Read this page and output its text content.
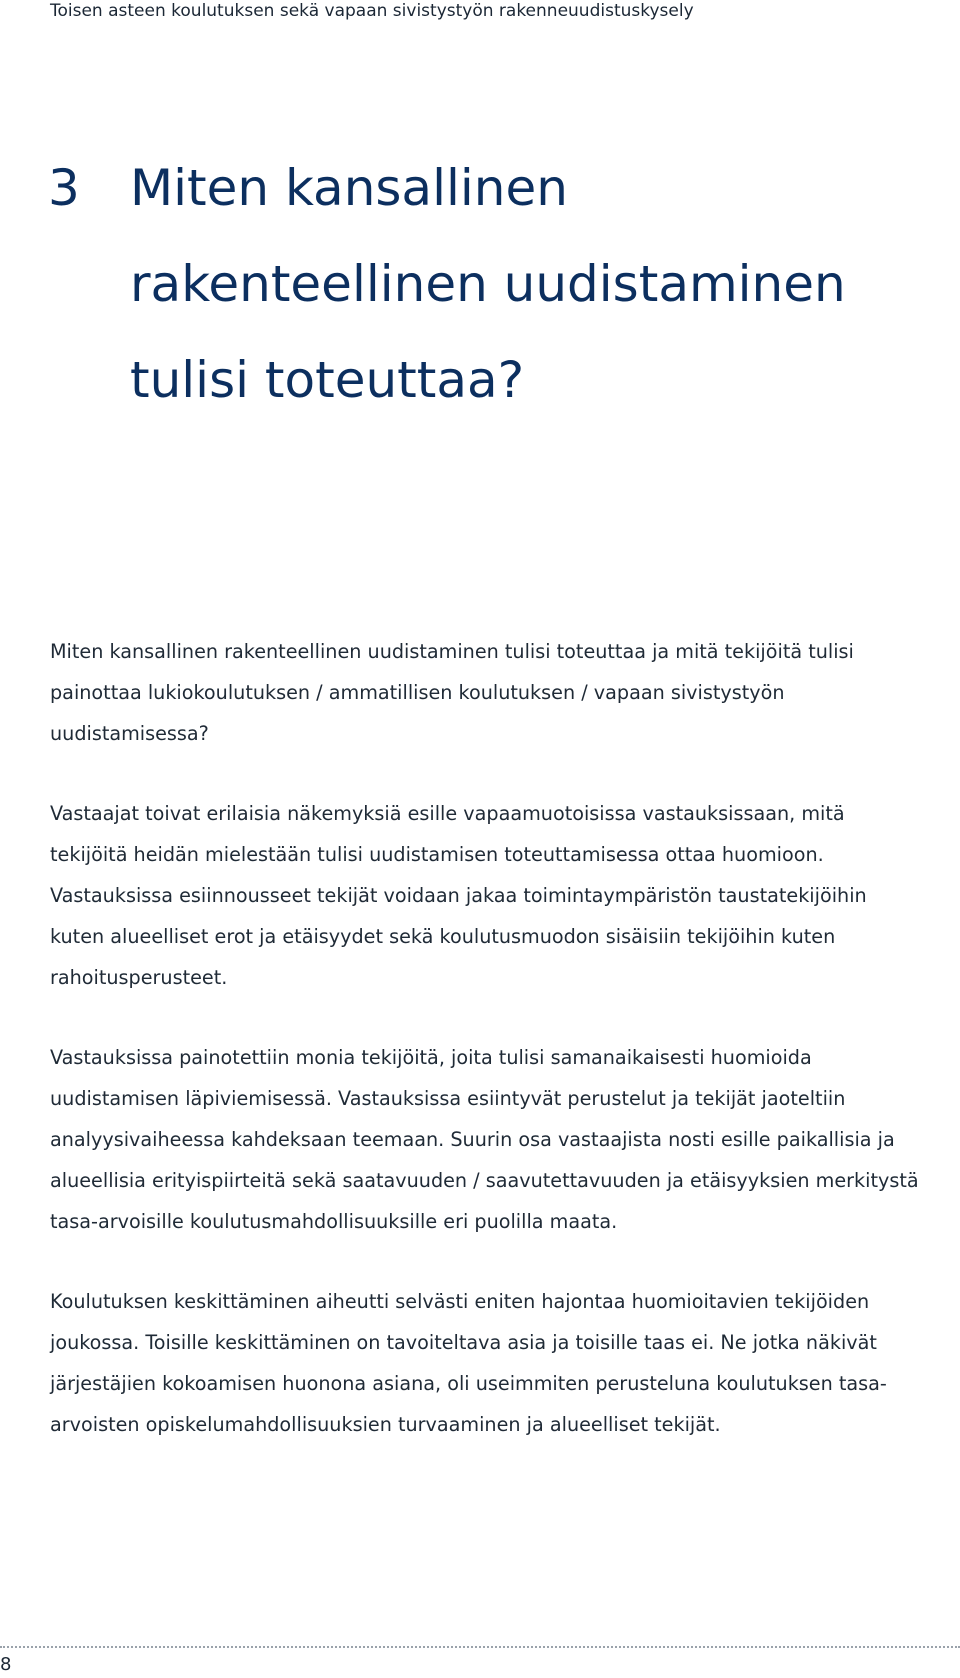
Toisen asteen koulutuksen sekä vapaan sivistystyön rakenneuudistuskysely
3 Miten kansallinen rakenteellinen uudistaminen tulisi toteuttaa?

Miten kansallinen rakenteellinen uudistaminen tulisi toteuttaa ja mitä tekijöitä tulisi painottaa lukiokoulutuksen / ammatillisen koulutuksen / vapaan sivistystyön uudistamisessa?

Vastaajat toivat erilaisia näkemyksiä esille vapaamuotoisissa vastauksissaan, mitä tekijöitä heidän mielestään tulisi uudistamisen toteuttamisessa ottaa huomioon. Vastauksissa esiinnousseet tekijät voidaan jakaa toimintaympäristön taustatekijöihin kuten alueelliset erot ja etäisyydet sekä koulutusmuodon sisäisiin tekijöihin kuten rahoitusperusteet.

Vastauksissa painotettiin monia tekijöitä, joita tulisi samanaikaisesti huomioida uudistamisen läpiviemisessä. Vastauksissa esiintyvät perustelut ja tekijät jaoteltiin analyysivaiheessa kahdeksaan teemaan. Suurin osa vastaajista nosti esille paikallisia ja alueellisia erityispiirteitä sekä saatavuuden / saavutettavuuden ja etäisyyksien merkitystä tasa-arvoisille koulutusmahdollisuuksille eri puolilla maata.

Koulutuksen keskittäminen aiheutti selvästi eniten hajontaa huomioitavien tekijöiden joukossa. Toisille keskittäminen on tavoiteltava asia ja toisille taas ei. Ne jotka näkivät järjestäjien kokoamisen huonona asiana, oli useimmiten perusteluna koulutuksen tasa-arvoisten opiskelumahdollisuuksien turvaaminen ja alueelliset tekijät.

8
